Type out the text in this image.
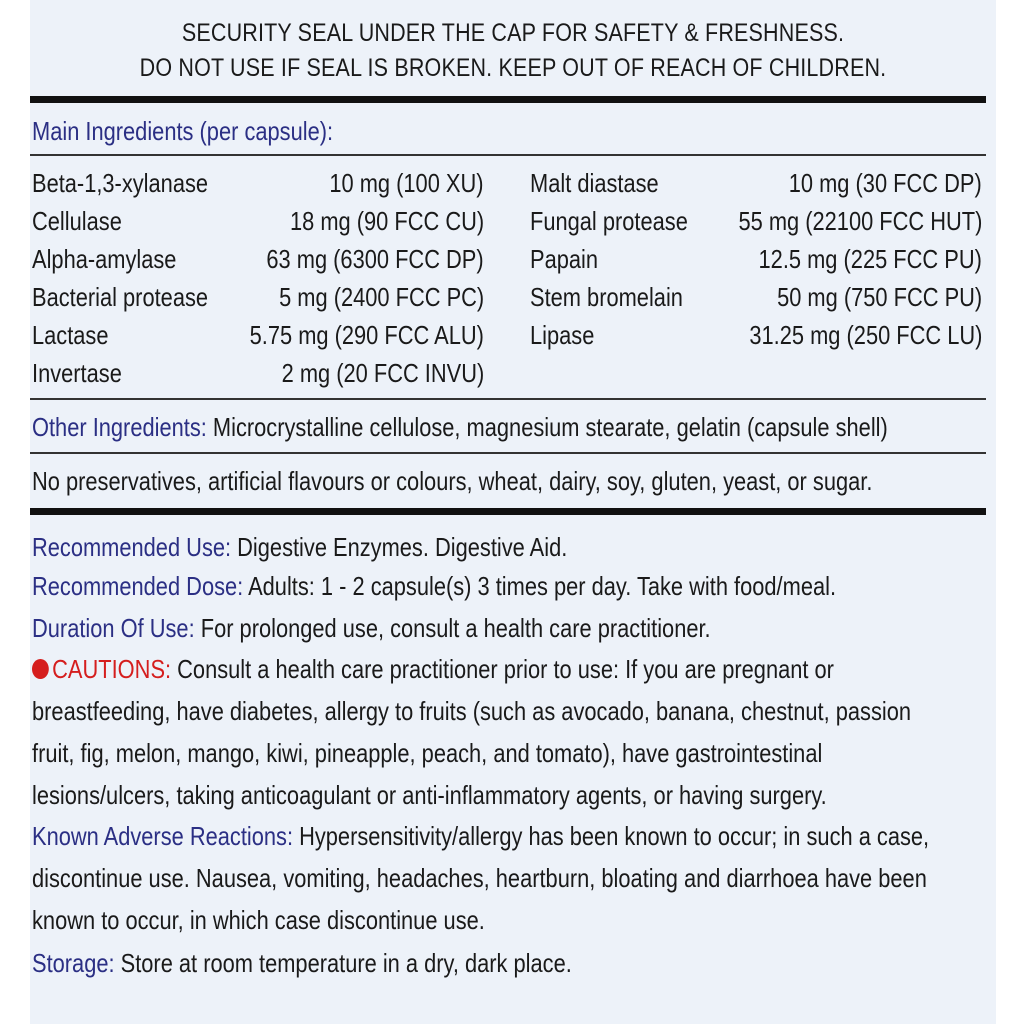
SECURITY SEAL UNDER THE CAP FOR SAFETY & FRESHNESS.
DO NOT USE IF SEAL IS BROKEN. KEEP OUT OF REACH OF CHILDREN.
Main Ingredients (per capsule):
Beta-1,3-xylanase	10 mg (100 XU)
Cellulase	18 mg (90 FCC CU)
Alpha-amylase	63 mg (6300 FCC DP)
Bacterial protease	5 mg (2400 FCC PC)
Lactase	5.75 mg (290 FCC ALU)
Invertase	2 mg (20 FCC INVU)
Malt diastase	10 mg (30 FCC DP)
Fungal protease 55 mg (22100 FCC HUT)
Papain	12.5 mg (225 FCC PU)
Stem bromelain	50 mg (750 FCC PU)
Lipase	31.25 mg (250 FCC LU)
Other Ingredients: Microcrystalline cellulose, magnesium stearate, gelatin (capsule shell)
No preservatives, artificial flavours or colours, wheat, dairy, soy, gluten, yeast, or sugar.
Recommended Use: Digestive Enzymes. Digestive Aid.
Recommended Dose: Adults: 1 - 2 capsule(s) 3 times per day. Take with food/meal.
Duration Of Use: For prolonged use, consult a health care practitioner.
CAUTIONS: Consult a health care practitioner prior to use: If you are pregnant or
breastfeeding, have diabetes, allergy to fruits (such as avocado, banana, chestnut, passion
fruit, fig, melon, mango, kiwi, pineapple, peach, and tomato), have gastrointestinal
lesions/ulcers, taking anticoagulant or anti-inflammatory agents, or having surgery.
Known Adverse Reactions: Hypersensitivity/allergy has been known to occur; in such a case,
discontinue use. Nausea, vomiting, headaches, heartburn, bloating and diarrhoea have been
known to occur, in which case discontinue use.
Storage: Store at room temperature in a dry, dark place.
